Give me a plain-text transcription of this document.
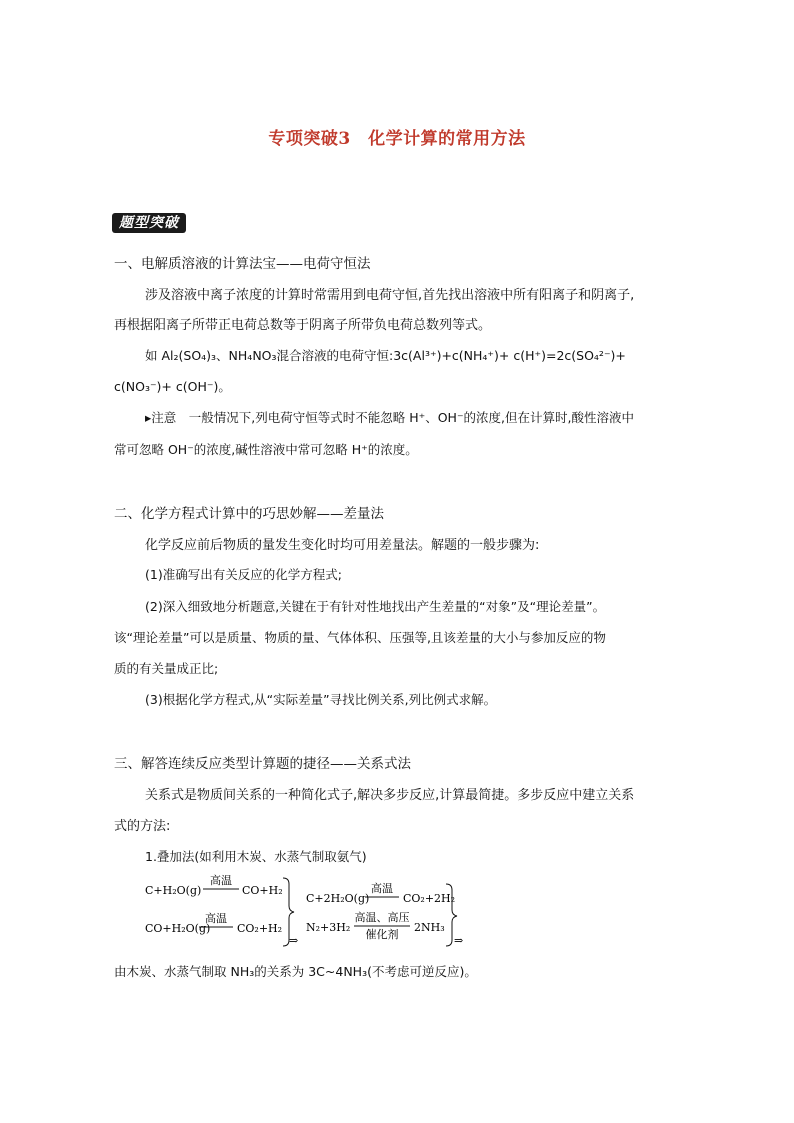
专项突破3　化学计算的常用方法
题型突破
一、电解质溶液的计算法宝——电荷守恒法
涉及溶液中离子浓度的计算时常需用到电荷守恒,首先找出溶液中所有阳离子和阴离子,
再根据阳离子所带正电荷总数等于阴离子所带负电荷总数列等式。
如 Al₂(SO₄)₃、NH₄NO₃混合溶液的电荷守恒:3c(Al³⁺)+c(NH₄⁺)+ c(H⁺)=2c(SO₄²⁻)+
c(NO₃⁻)+ c(OH⁻)。
▸注意　一般情况下,列电荷守恒等式时不能忽略 H⁺、OH⁻的浓度,但在计算时,酸性溶液中
常可忽略 OH⁻的浓度,碱性溶液中常可忽略 H⁺的浓度。
二、化学方程式计算中的巧思妙解——差量法
化学反应前后物质的量发生变化时均可用差量法。解题的一般步骤为:
(1)准确写出有关反应的化学方程式;
(2)深入细致地分析题意,关键在于有针对性地找出产生差量的“对象”及“理论差量”。
该“理论差量”可以是质量、物质的量、气体体积、压强等,且该差量的大小与参加反应的物
质的有关量成正比;
(3)根据化学方程式,从“实际差量”寻找比例关系,列比例式求解。
三、解答连续反应类型计算题的捷径——关系式法
关系式是物质间关系的一种简化式子,解决多步反应,计算最简捷。多步反应中建立关系
式的方法:
1.叠加法(如利用木炭、水蒸气制取氨气)
C+H₂O(g)
高温
CO+H₂
CO+H₂O(g)
高温
CO₂+H₂
⇒
C+2H₂O(g)
高温
CO₂+2H₂
N₂+3H₂
高温、高压
催化剂
2NH₃
⇒
由木炭、水蒸气制取 NH₃的关系为 3C~4NH₃(不考虑可逆反应)。
